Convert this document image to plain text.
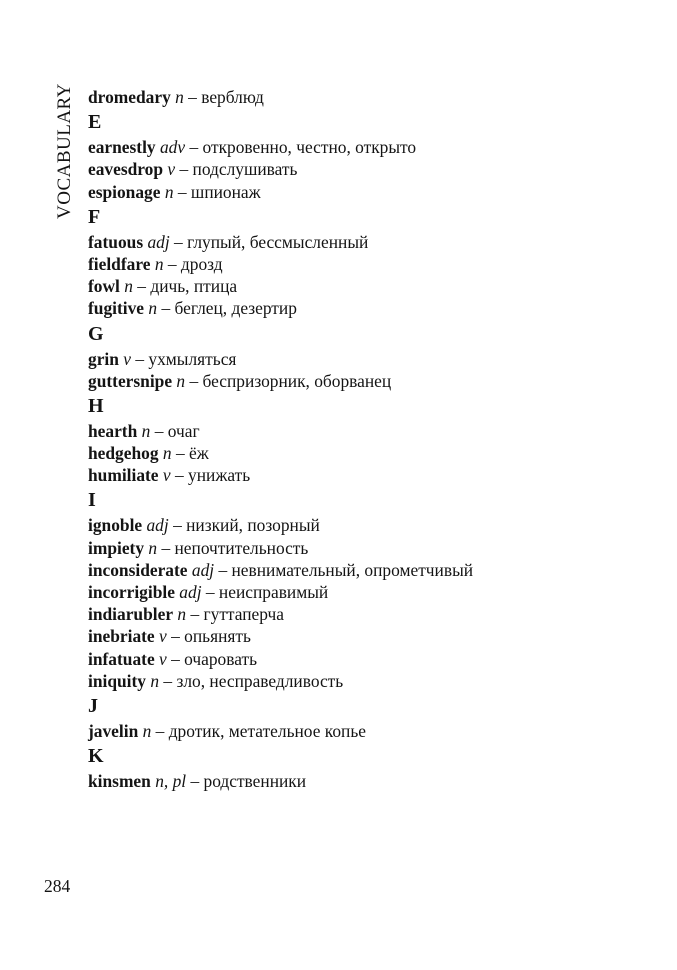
VOCABULARY dromedary n – верблюд
E
earnestly adv – откровенно, честно, открыто
eavesdrop v – подслушивать
espionage n – шпионаж
F
fatuous adj – глупый, бессмысленный
fieldfare n – дрозд
fowl n – дичь, птица
fugitive n – беглец, дезертир
G
grin v – ухмыляться
guttersnipe n – беспризорник, оборванец
H
hearth n – очаг
hedgehog n – ёж
humiliate v – унижать
I
ignoble adj – низкий, позорный
impiety n – непочтительность
inconsiderate adj – невнимательный, опрометчивый
incorrigible adj – неисправимый
indiarubler n – гуттаперча
inebriate v – опьянять
infatuate v – очаровать
iniquity n – зло, несправедливость
J
javelin n – дротик, метательное копье
K
kinsmen n, pl – родственники
284
